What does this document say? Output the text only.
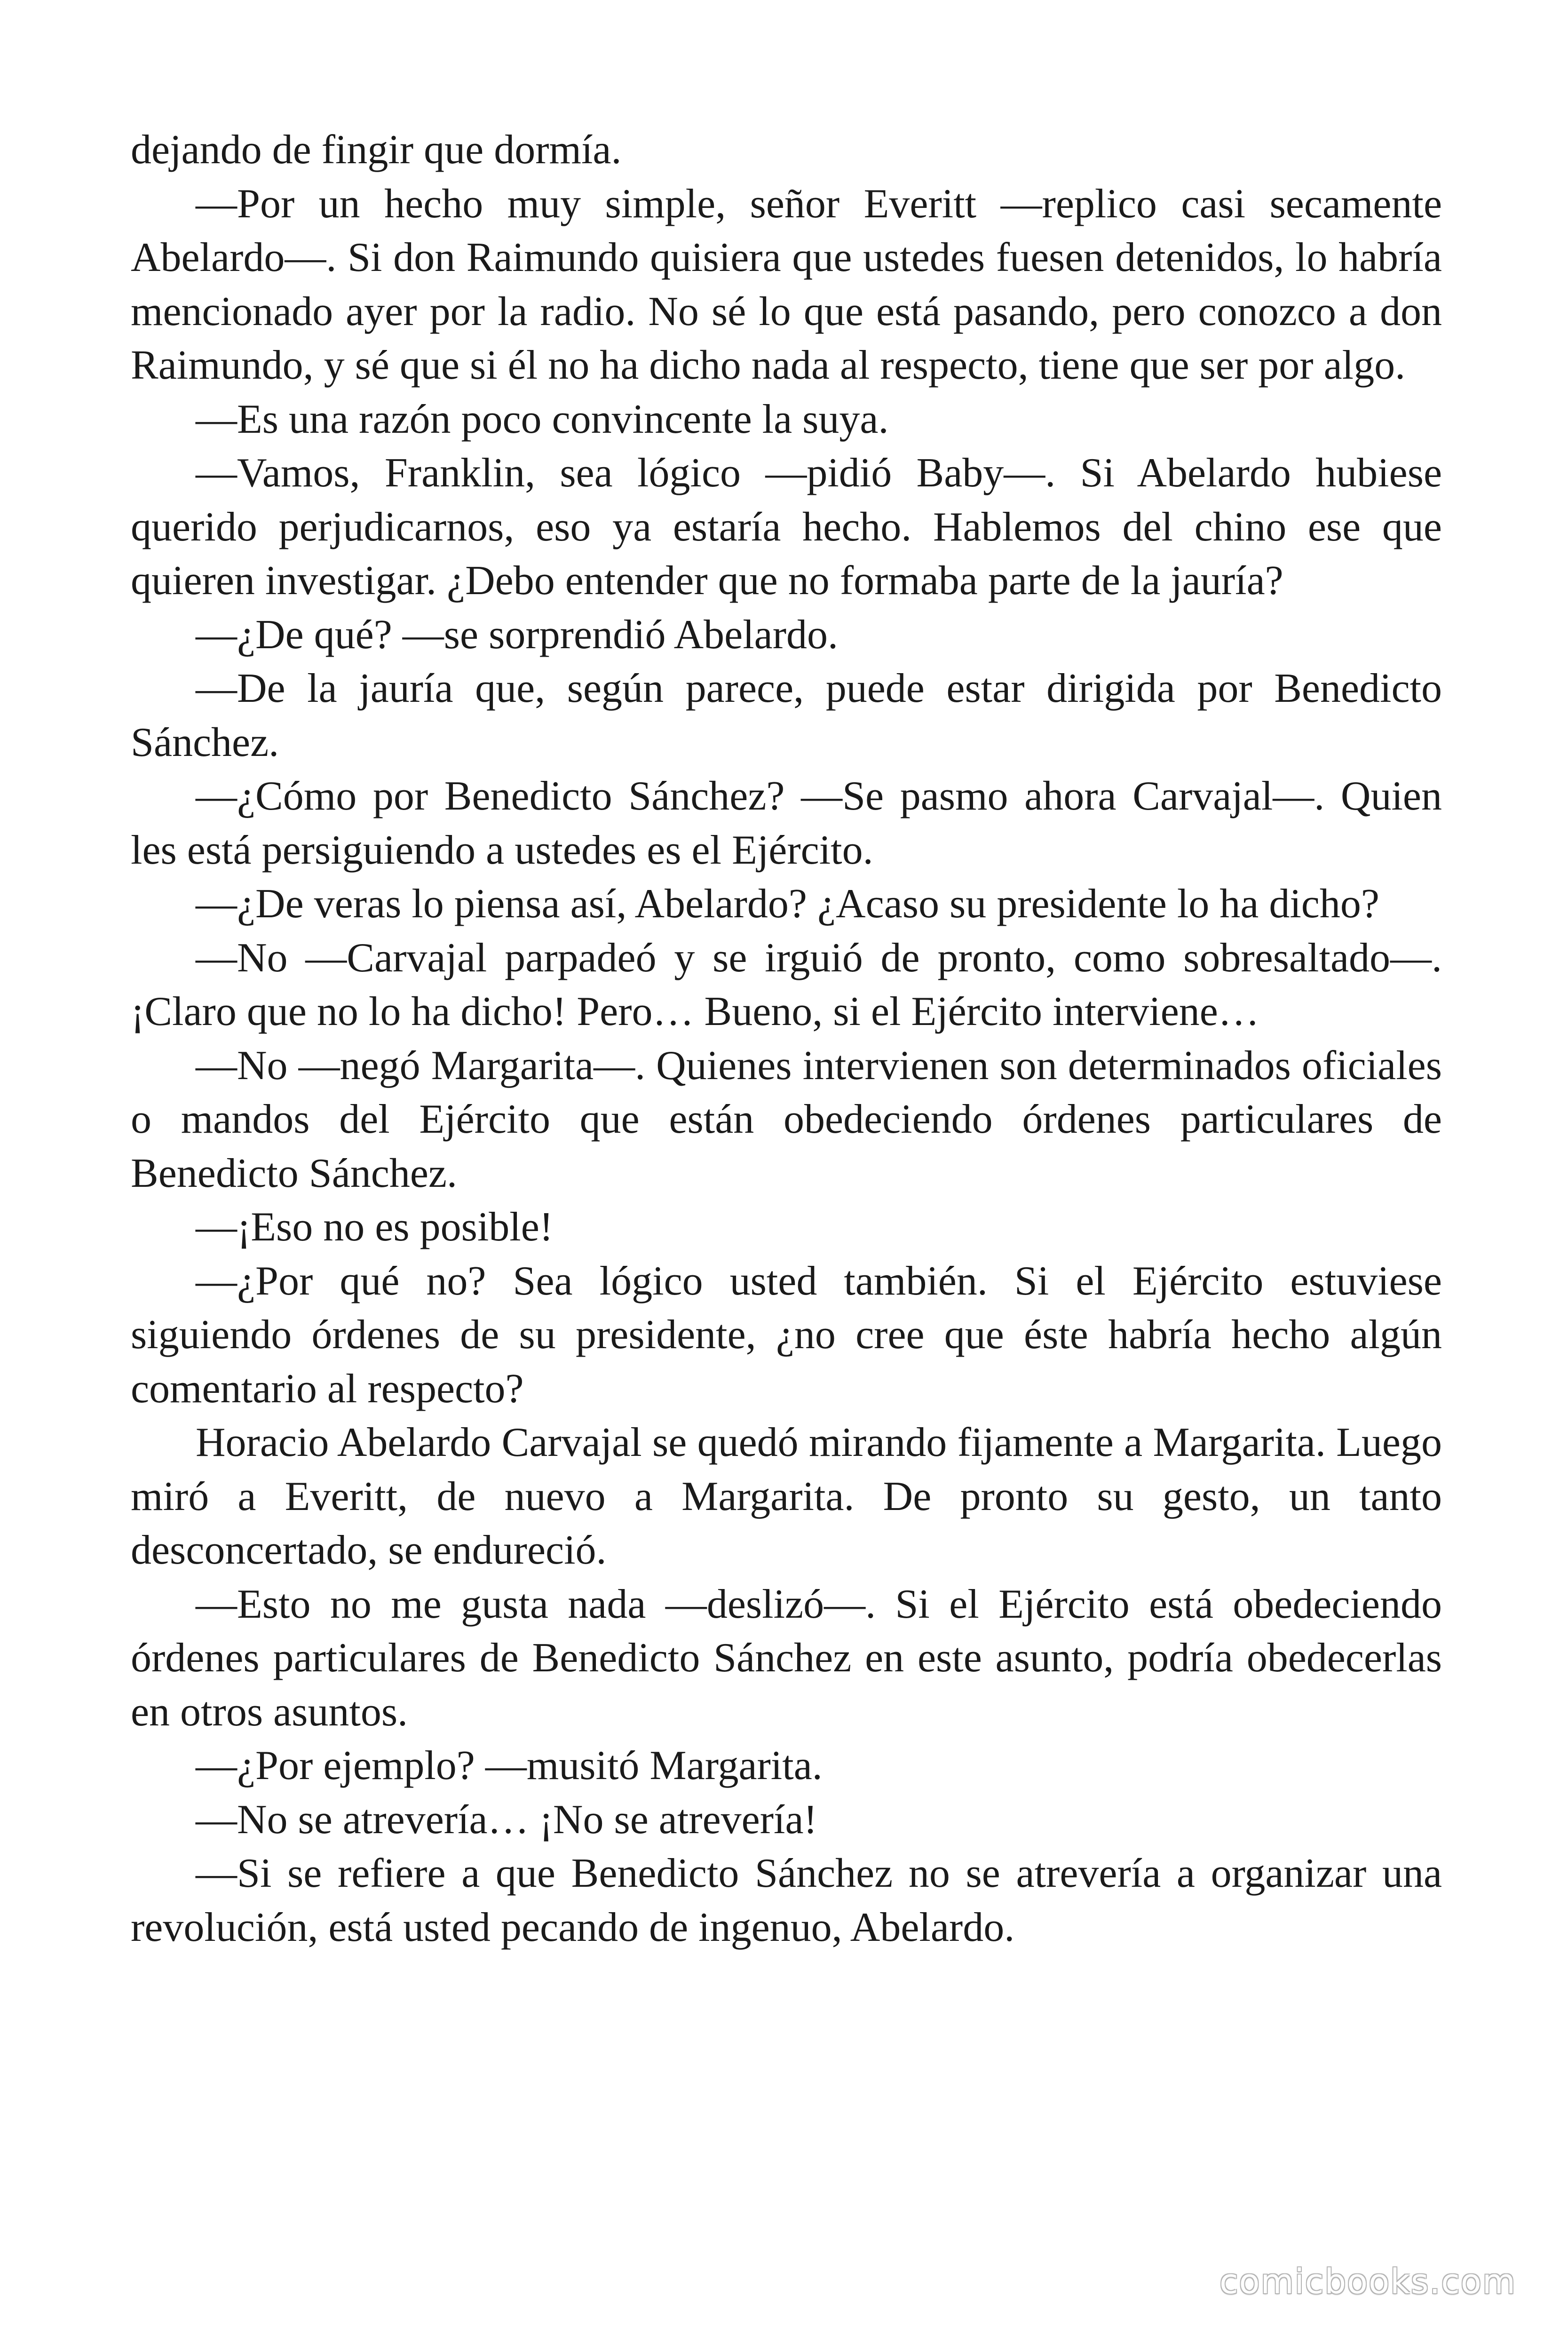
dejando de fingir que dormía.

—Por un hecho muy simple, señor Everitt —replico casi secamente Abelardo—. Si don Raimundo quisiera que ustedes fuesen detenidos, lo habría mencionado ayer por la radio. No sé lo que está pasando, pero conozco a don Raimundo, y sé que si él no ha dicho nada al respecto, tiene que ser por algo.

—Es una razón poco convincente la suya.

—Vamos, Franklin, sea lógico —pidió Baby—. Si Abelardo hubiese querido perjudicarnos, eso ya estaría hecho. Hablemos del chino ese que quieren investigar. ¿Debo entender que no formaba parte de la jauría?

—¿De qué? —se sorprendió Abelardo.

—De la jauría que, según parece, puede estar dirigida por Benedicto Sánchez.

—¿Cómo por Benedicto Sánchez? —Se pasmo ahora Carvajal—. Quien les está persiguiendo a ustedes es el Ejército.

—¿De veras lo piensa así, Abelardo? ¿Acaso su presidente lo ha dicho?

—No —Carvajal parpadeó y se irguió de pronto, como sobresaltado—. ¡Claro que no lo ha dicho! Pero… Bueno, si el Ejército interviene…

—No —negó Margarita—. Quienes intervienen son determinados oficiales o mandos del Ejército que están obedeciendo órdenes particulares de Benedicto Sánchez.

—¡Eso no es posible!

—¿Por qué no? Sea lógico usted también. Si el Ejército estuviese siguiendo órdenes de su presidente, ¿no cree que éste habría hecho algún comentario al respecto?

Horacio Abelardo Carvajal se quedó mirando fijamente a Margarita. Luego miró a Everitt, de nuevo a Margarita. De pronto su gesto, un tanto desconcertado, se endureció.

—Esto no me gusta nada —deslizó—. Si el Ejército está obedeciendo órdenes particulares de Benedicto Sánchez en este asunto, podría obedecerlas en otros asuntos.

—¿Por ejemplo? —musitó Margarita.

—No se atrevería… ¡No se atrevería!

—Si se refiere a que Benedicto Sánchez no se atrevería a organizar una revolución, está usted pecando de ingenuo, Abelardo.

comicbooks.com
